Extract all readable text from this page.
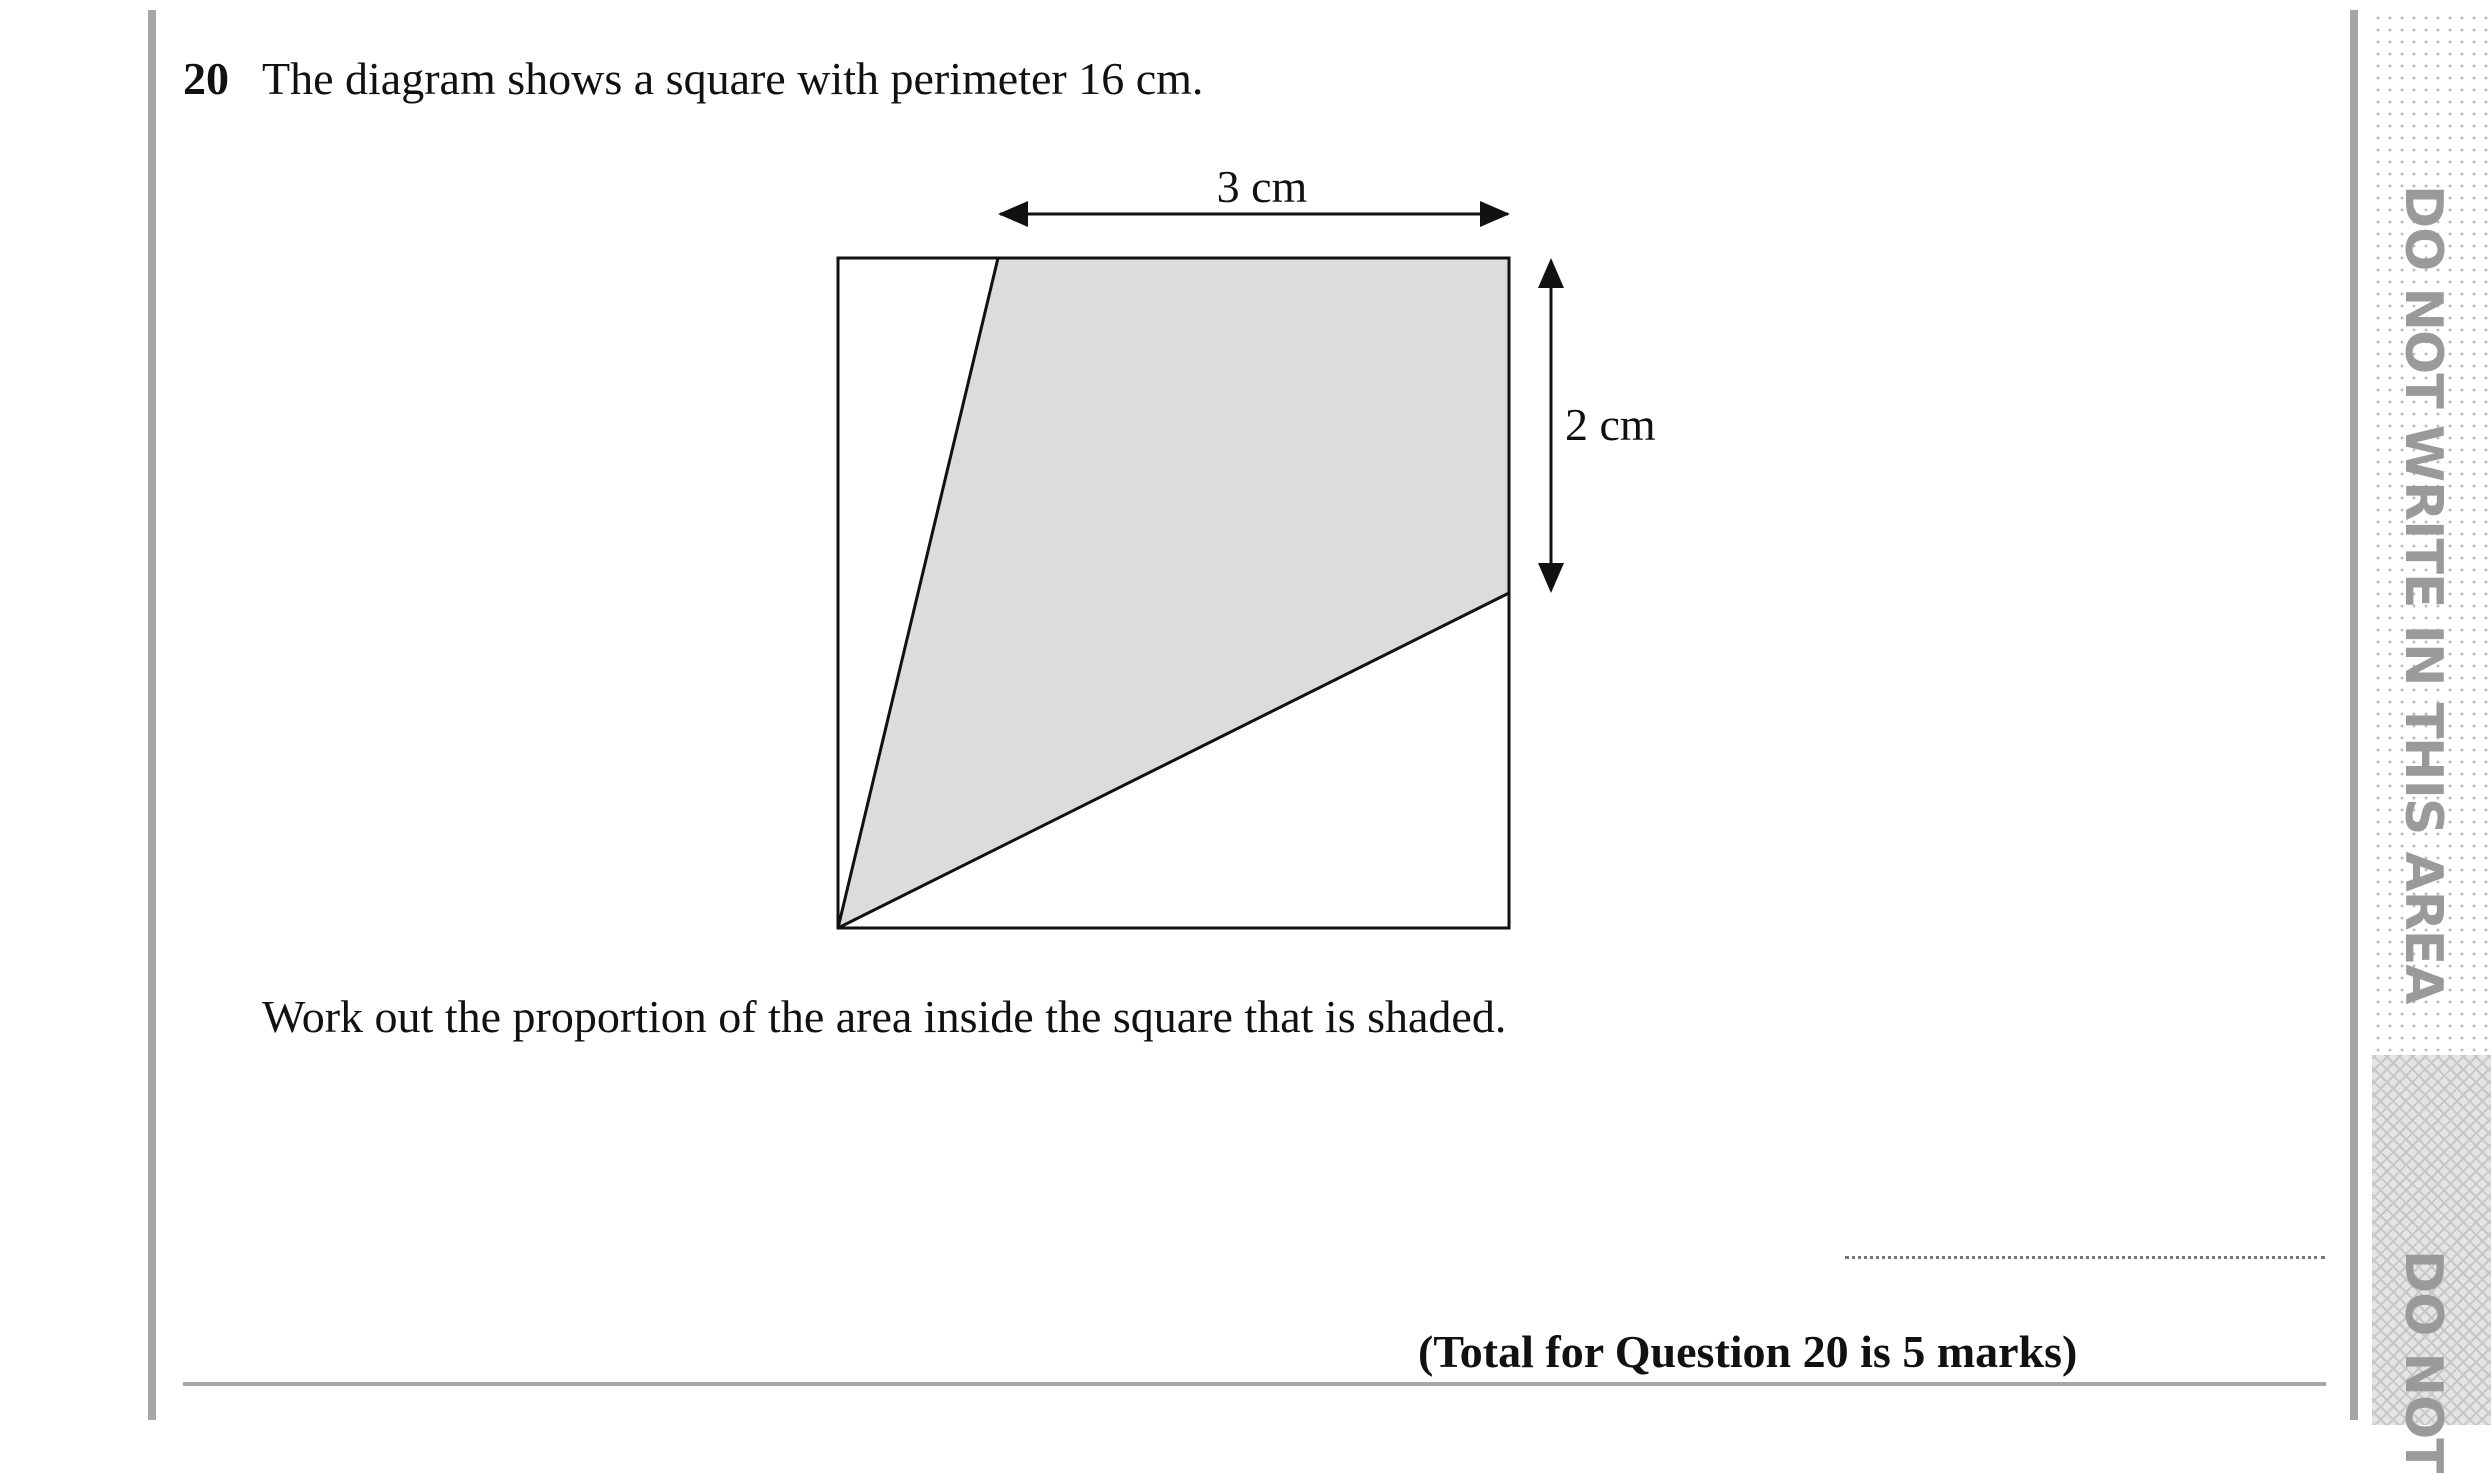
DO NOT WRITE IN THIS AREA
DO NOT
20 The diagram shows a square with perimeter 16 cm.
3 cm
2 cm
Work out the proportion of the area inside the square that is shaded.
(Total for Question 20 is 5 marks)
